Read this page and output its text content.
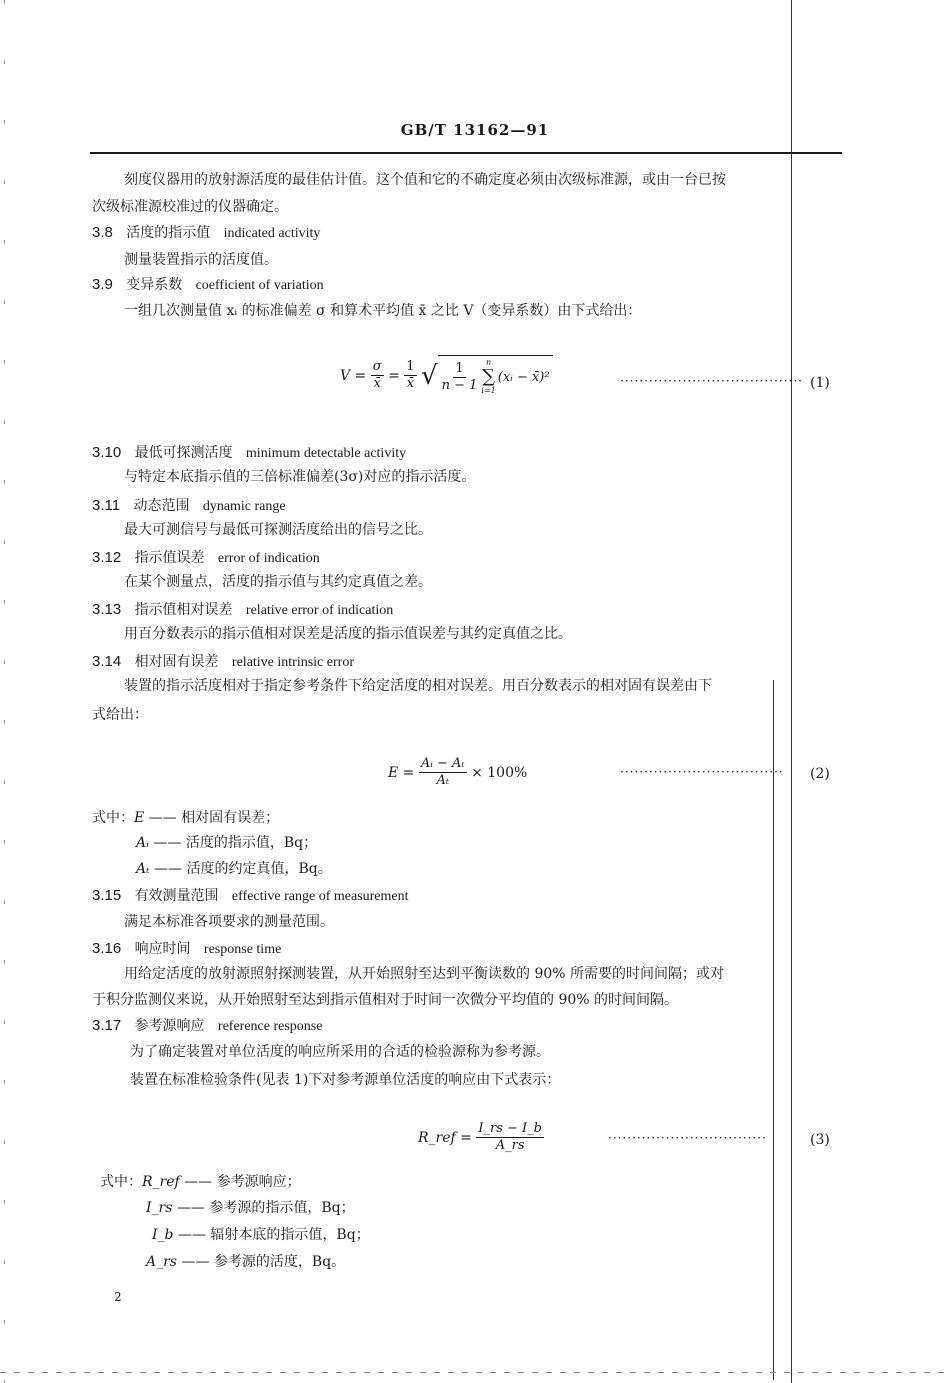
GB/T 13162—91
刻度仪器用的放射源活度的最佳估计值。这个值和它的不确定度必须由次级标准源，或由一台已按
次级标准源校准过的仪器确定。
3.8 活度的指示值 indicated activity
测量装置指示的活度值。
3.9 变异系数 coefficient of variation
一组几次测量值 xᵢ 的标准偏差 σ 和算术平均值 x̄ 之比 V（变异系数）由下式给出：
V =
$\frac{\sigma}{x̄}$
=
$\frac{1}{x̄}$
√ $\frac{1}{n - 1}$ n
∑
i=1
(xᵢ − x̄)²	······································ (1)
3.10 最低可探测活度 minimum detectable activity
与特定本底指示值的三倍标准偏差(3σ)对应的指示活度。
3.11 动态范围 dynamic range
最大可测信号与最低可探测活度给出的信号之比。
3.12 指示值误差 error of indication
在某个测量点，活度的指示值与其约定真值之差。
3.13 指示值相对误差 relative error of indication
用百分数表示的指示值相对误差是活度的指示值误差与其约定真值之比。
3.14 相对固有误差 relative intrinsic error
装置的指示活度相对于指定参考条件下给定活度的相对误差。用百分数表示的相对固有误差由下
式给出：
E =
$\frac{\text{Aᵢ − Aₜ}}{\text{Aₜ}}$
× 100%	·································· (2)
式中：E —— 相对固有误差；
Aᵢ —— 活度的指示值，Bq；
Aₜ —— 活度的约定真值，Bq。
3.15 有效测量范围 effective range of measurement
满足本标准各项要求的测量范围。
3.16 响应时间 response time
用给定活度的放射源照射探测装置，从开始照射至达到平衡读数的 90% 所需要的时间间隔；或对
于积分监测仪来说，从开始照射至达到指示值相对于时间一次微分平均值的 90% 的时间间隔。
3.17 参考源响应 reference response
为了确定装置对单位活度的响应所采用的合适的检验源称为参考源。
装置在标准检验条件(见表 1)下对参考源单位活度的响应由下式表示：
R_ref =
$\frac{I\_rs - I\_b}{A\_rs}$	·································	(3)
式中：R_ref —— 参考源响应；
I_rs —— 参考源的指示值，Bq；
I_b —— 辐射本底的指示值，Bq；
A_rs —— 参考源的活度，Bq。
2
